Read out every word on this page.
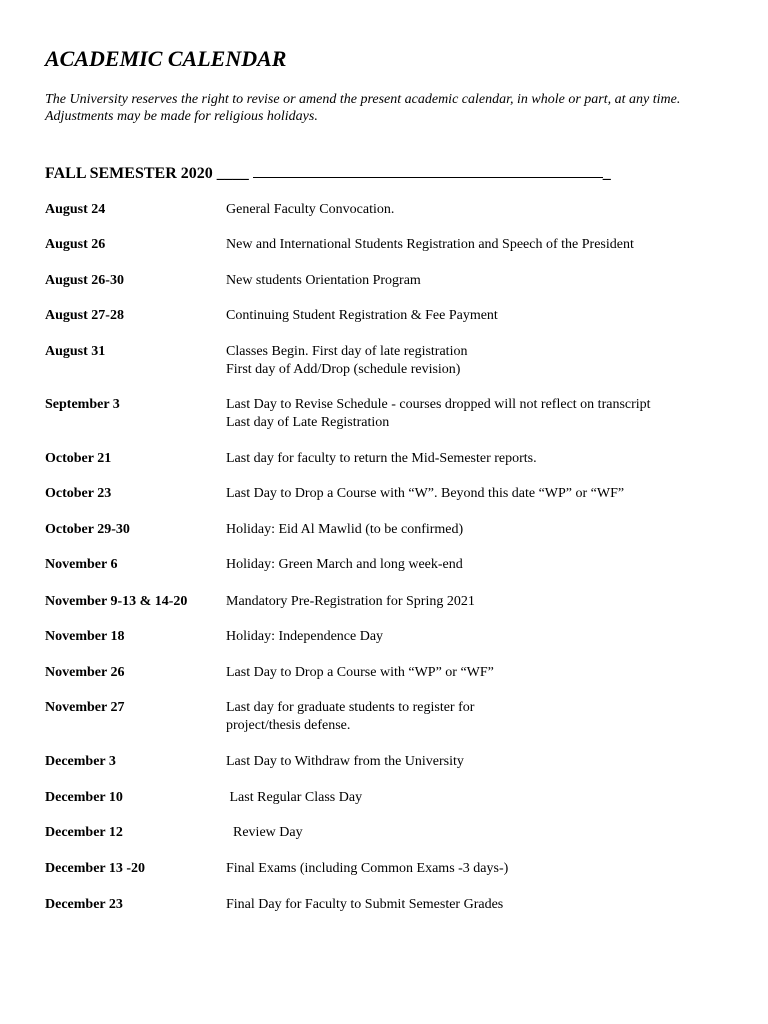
ACADEMIC CALENDAR

The University reserves the right to revise or amend the present academic calendar, in whole or part, at any time.
Adjustments may be made for religious holidays.

FALL SEMESTER 2020 ____	_
August 24	General Faculty Convocation.
August 26	New and International Students Registration and Speech of the President
August 26-30	New students Orientation Program
August 27-28	Continuing Student Registration & Fee Payment
August 31	Classes Begin. First day of late registration
First day of Add/Drop (schedule revision)
September 3	Last Day to Revise Schedule - courses dropped will not reflect on transcript
Last day of Late Registration
October 21	Last day for faculty to return the Mid-Semester reports.
October 23	Last Day to Drop a Course with “W”. Beyond this date “WP” or “WF”
October 29-30	Holiday: Eid Al Mawlid (to be confirmed)
November 6	Holiday: Green March and long week-end
November 9-13 & 14-20	Mandatory Pre-Registration for Spring 2021
November 18	Holiday: Independence Day
November 26	Last Day to Drop a Course with “WP” or “WF”
November 27	Last day for graduate students to register for
project/thesis defense.
December 3	Last Day to Withdraw from the University
December 10	Last Regular Class Day
December 12	Review Day
December 13 -20	Final Exams (including Common Exams -3 days-)
December 23	Final Day for Faculty to Submit Semester Grades
